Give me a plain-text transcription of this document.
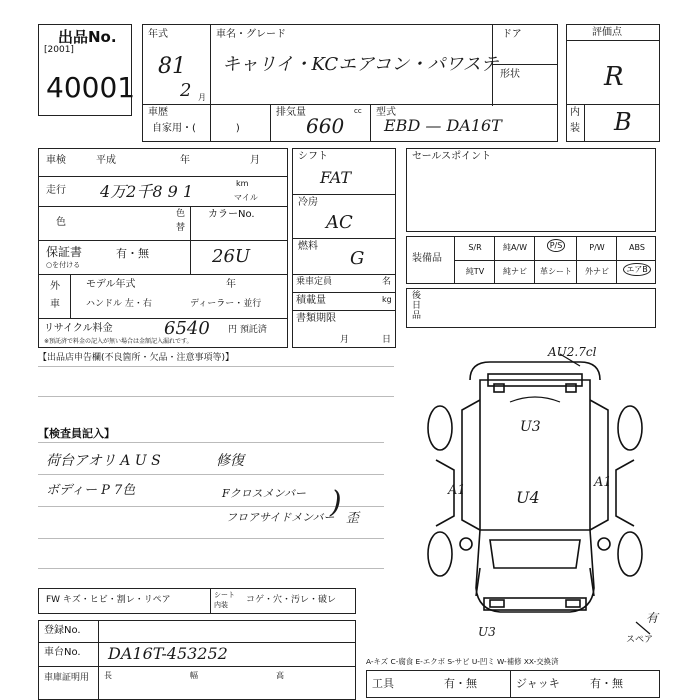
出品No.
[2001]
40001
年式
81
2 月
車名・グレード
キャリイ・KCエアコン・パワステ
ドア
形状
車歴
自家用・(　　　　)
排気量	cc
660
型式
EBD — DA16T
評価点
R
内
装 B
車検	平成	年	月
走行 4万2千8 9 1	km
マイル
色
色
替
カラーNo.
26U
保証書	有・無
○を付ける
外
車
モデル年式	年
ハンドル 左・右	ディーラー・並行
リサイクル料金	6540 円 預託済
※預託済で料金の記入が無い場合は金額記入漏れです。
シフト
FAT
冷房
AC
燃料
G
乗車定員	名
積載量	kg
書類期限
月	日
セールスポイント
装備品
S/R	純A/W	P/S	P/W	ABS
純TV	純ナビ	革シート	外ナビ	エアB
後日品
【出品店申告欄(不良箇所・欠品・注意事項等)】
【検査員記入】
荷台アオリ A U S	修復
ボディー P 7色	Fクロスメンバー
フロアサイドメンバー
) 歪
AU2.7cl
U3
U4
A1
A1
U3
有
スペア
A-キズ C-腐食 E-エクボ S-サビ U-凹ミ W-補修 XX-交換済
FW キズ・ヒビ・割レ・リペア	シート
内装 コゲ・穴・汚レ・破レ
登録No.
車台No. DA16T-453252
車庫証明用 長	幅	高
工具	有・無	ジャッキ	有・無
